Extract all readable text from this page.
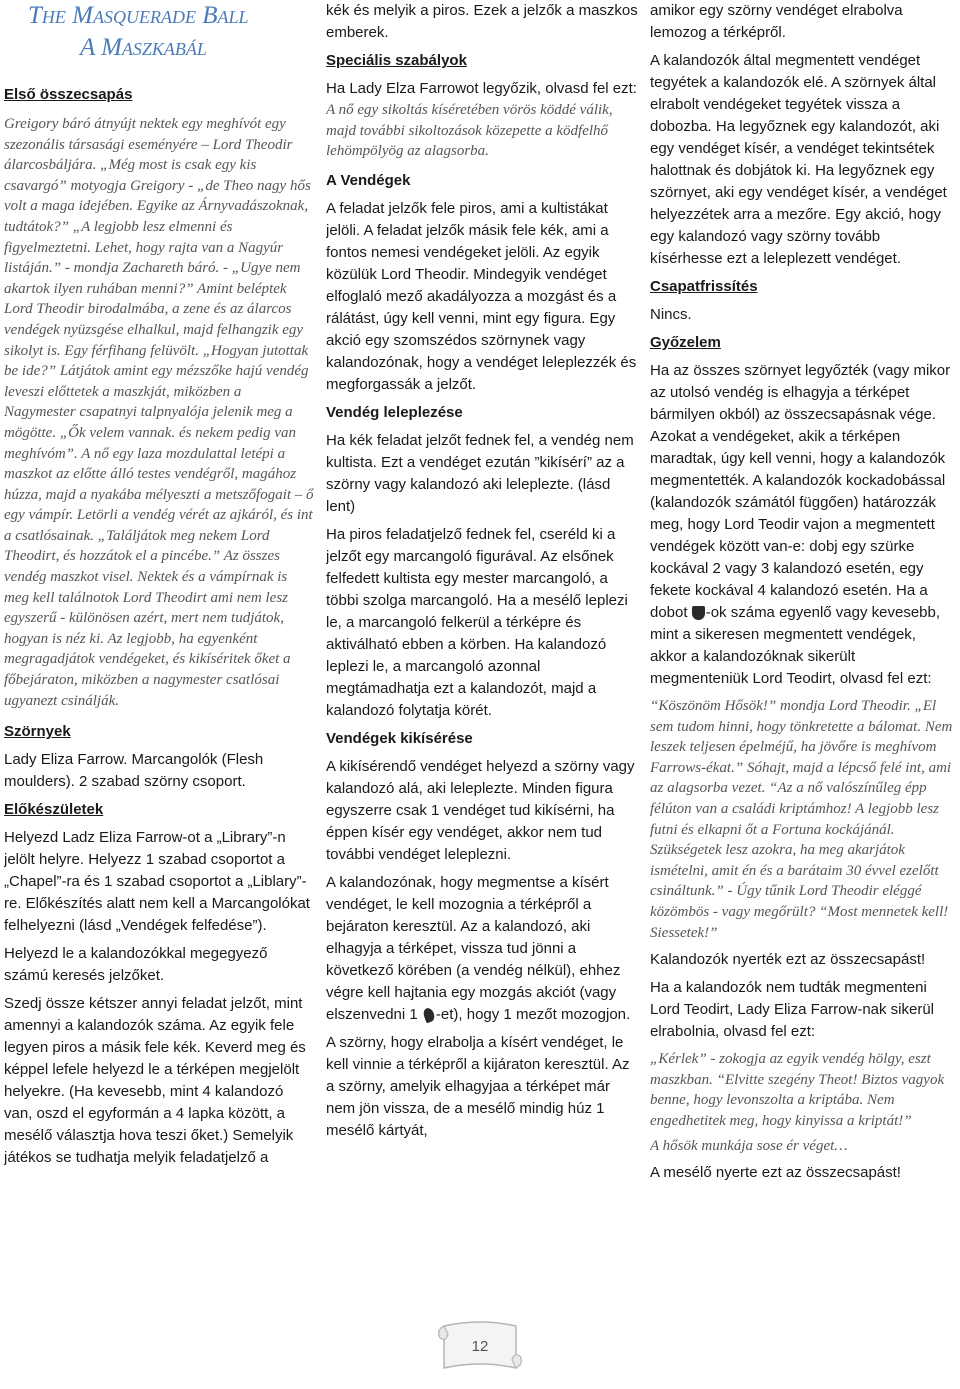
The Masquerade Ball
A Maszkabál

Első összecsapás

Greigory báró átnyújt nektek egy meghívót egy szezonális társasági eseményére – Lord Theodir álarcosbáljára. „Még most is csak egy kis csavargó” motyogja Greigory - „de Theo nagy hős volt a maga idejében. Egyike az Árnyvadászoknak, tudtátok?” „A legjobb lesz elmenni és figyelmeztetni. Lehet, hogy rajta van a Nagyúr listáján.” - mondja Zachareth báró. - „Ugye nem akartok ilyen ruhában menni?” Amint beléptek Lord Theodir birodalmába, a zene és az álarcos vendégek nyüzsgése elhalkul, majd felhangzik egy sikolyt is. Egy férfihang felüvölt. „Hogyan jutottak be ide?” Látjátok amint egy mézszőke hajú vendég leveszi előttetek a maszkját, miközben a Nagymester csapatnyi talpnyalója jelenik meg a mögötte. „Ők velem vannak. és nekem pedig van meghívóm”. A nő egy laza mozdulattal letépi a maszkot az előtte álló testes vendégről, magához húzza, majd a nyakába mélyeszti a metszőfogait – ő egy vámpír. Letörli a vendég vérét az ajkáról, és int a csatlósainak. „Találjátok meg nekem Lord Theodirt, és hozzátok el a pincébe.” Az összes vendég maszkot visel. Nektek és a vámpírnak is meg kell találnotok Lord Theodirt ami nem lesz egyszerű - különösen azért, mert nem tudjátok, hogyan is néz ki. Az legjobb, ha egyenként megragadjátok vendégeket, és kikíséritek őket a főbejáraton, miközben a nagymester csatlósai ugyanezt csinálják.

Szörnyek

Lady Eliza Farrow. Marcangolók (Flesh moulders). 2 szabad szörny csoport.

Előkészületek

Helyezd Ladz Eliza Farrow-ot a „Library”-n jelölt helyre. Helyezz 1 szabad csoportot a „Chapel”-ra és 1 szabad csoportot a „Liblary”-re. Előkészítés alatt nem kell a Marcangolókat felhelyezni (lásd „Vendégek felfedése”).

Helyezd le a kalandozókkal megegyező számú keresés jelzőket.

Szedj össze kétszer annyi feladat jelzőt, mint amennyi a kalandozók száma. Az egyik fele legyen piros a másik fele kék. Keverd meg és képpel lefele helyezd le a térképen megjelölt helyekre. (Ha kevesebb, mint 4 kalandozó van, oszd el egyformán a 4 lapka között, a mesélő választja hova teszi őket.) Semelyik játékos se tudhatja melyik feladatjelző a

kék és melyik a piros. Ezek a jelzők a maszkos emberek.

Speciális szabályok

Ha Lady Elza Farrowot legyőzik, olvasd fel ezt:

A nő egy sikoltás kíséretében vörös köddé válik, majd további sikoltozások közepette a ködfelhő lehömpölyög az alagsorba.

A Vendégek

A feladat jelzők fele piros, ami a kultistákat jelöli. A feladat jelzők másik fele kék, ami a fontos nemesi vendégeket jelöli. Az egyik közülük Lord Theodir. Mindegyik vendéget elfoglaló mező akadályozza a mozgást és a rálátást, úgy kell venni, mint egy figura. Egy akció egy szomszédos szörnynek vagy kalandozónak, hogy a vendéget leleplezzék és megforgassák a jelzőt.

Vendég leleplezése

Ha kék feladat jelzőt fednek fel, a vendég nem kultista. Ezt a vendéget ezután ”kikísérí” az a szörny vagy kalandozó aki leleplezte. (lásd lent)

Ha piros feladatjelző fednek fel, cseréld ki a jelzőt egy marcangoló figurával. Az elsőnek felfedett kultista egy mester marcangoló, a többi szolga marcangoló. Ha a mesélő leplezi le, a marcangoló felkerül a térképre és aktiválható ebben a körben. Ha kalandozó leplezi le, a marcangoló azonnal megtámadhatja ezt a kalandozót, majd a kalandozó folytatja körét.

Vendégek kikísérése

A kikísérendő vendéget helyezd a szörny vagy kalandozó alá, aki leleplezte. Minden figura egyszerre csak 1 vendéget tud kikísérni, ha éppen kísér egy vendéget, akkor nem tud további vendéget leleplezni.

A kalandozónak, hogy megmentse a kísért vendéget, le kell mozognia a térképről a bejáraton keresztül. Az a kalandozó, aki elhagyja a térképet, vissza tud jönni a következő körében (a vendég nélkül), ehhez végre kell hajtania egy mozgás akciót (vagy elszenvedni 1 -et), hogy 1 mezőt mozogjon.

A szörny, hogy elrabolja a kísért vendéget, le kell vinnie a térképről a kijáraton keresztül. Az a szörny, amelyik elhagyjaa a térképet már nem jön vissza, de a mesélő mindig húz 1 mesélő kártyát,

amikor egy szörny vendéget elrabolva lemozog a térképről.

A kalandozók által megmentett vendéget tegyétek a kalandozók elé. A szörnyek által elrabolt vendégeket tegyétek vissza a dobozba. Ha legyőznek egy kalandozót, aki egy vendéget kísér, a vendéget tekintsétek halottnak és dobjátok ki. Ha legyőznek egy szörnyet, aki egy vendéget kísér, a vendéget helyezzétek arra a mezőre. Egy akció, hogy egy kalandozó vagy szörny tovább kísérhesse ezt a leleplezett vendéget.

Csapatfrissítés

Nincs.

Győzelem

Ha az összes szörnyet legyőzték (vagy mikor az utolsó vendég is elhagyja a térképet bármilyen okból) az összecsapásnak vége. Azokat a vendégeket, akik a térképen maradtak, úgy kell venni, hogy a kalandozók megmentették. A kalandozók kockadobással (kalandozók számától függően) határozzák meg, hogy Lord Teodir vajon a megmentett vendégek között van-e: dobj egy szürke kockával 2 vagy 3 kalandozó esetén, egy fekete kockával 4 kalandozó esetén. Ha a dobot -ok száma egyenlő vagy kevesebb, mint a sikeresen megmentett vendégek, akkor a kalandozóknak sikerült megmenteniük Lord Teodirt, olvasd fel ezt:

“Köszönöm Hősök!” mondja Lord Theodir. „El sem tudom hinni, hogy tönkretette a bálomat. Nem leszek teljesen épelméjű, ha jövőre is meghívom Farrows-ékat.” Sóhajt, majd a lépcső felé int, ami az alagsorba vezet. “Az a nő valószínűleg épp félúton van a családi kriptámhoz! A legjobb lesz futni és elkapni őt a Fortuna kockájánál. Szükségetek lesz azokra, ha meg akarjátok ismételni, amit én és a barátaim 30 évvel ezelőtt csináltunk.” - Úgy tűnik Lord Theodir eléggé közömbös - vagy megőrült? “Most mennetek kell! Siessetek!”

Kalandozók nyerték ezt az összecsapást!

Ha a kalandozók nem tudták megmenteni Lord Teodirt, Lady Eliza Farrow-nak sikerül elrabolnia, olvasd fel ezt:

„Kérlek” - zokogja az egyik vendég hölgy, eszt maszkban. “Elvitte szegény Theot! Biztos vagyok benne, hogy levonszolta a kriptába. Nem engedhetitek meg, hogy kinyissa a kriptát!”

A hősök munkája sose ér véget…

A mesélő nyerte ezt az összecsapást!

12
